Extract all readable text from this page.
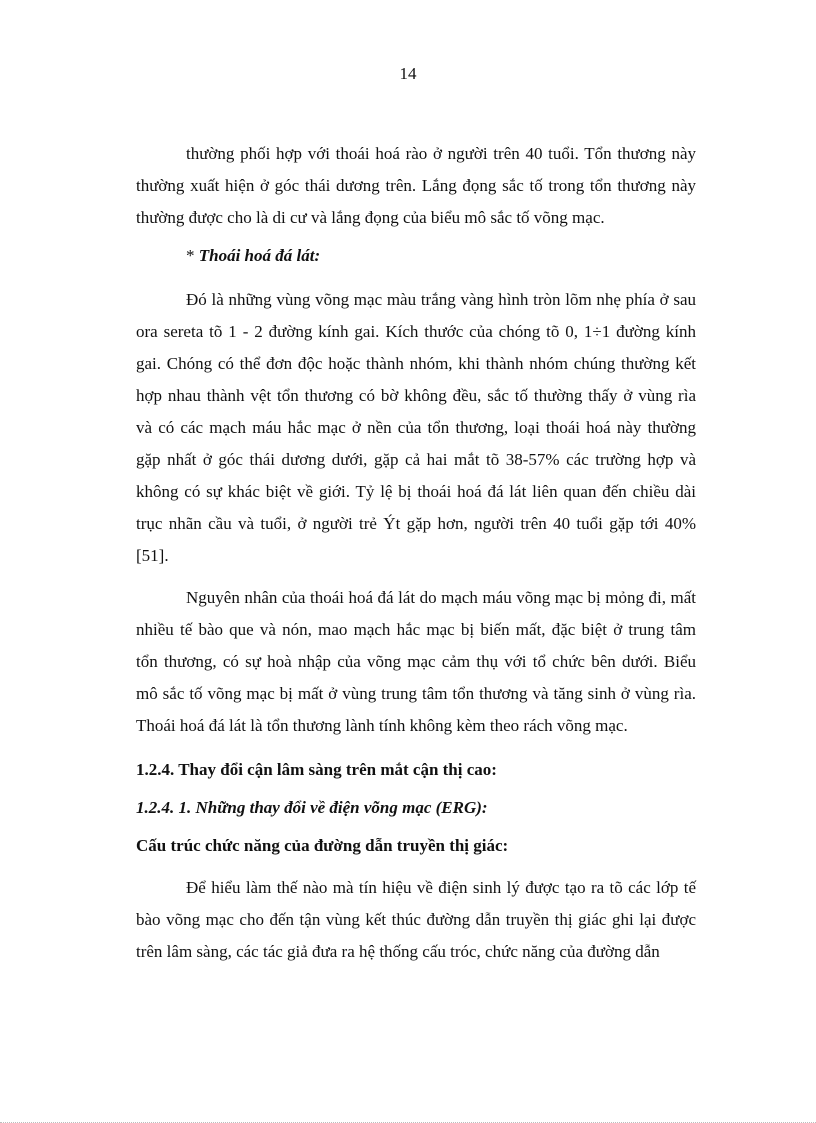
14
thường phối hợp với thoái hoá rào ở người trên 40 tuổi. Tổn thương này
thường xuất hiện ở góc thái dương trên. Lắng đọng sắc tố trong tổn thương này
thường được cho là di cư và lắng đọng của biểu mô sắc tố võng mạc.
* Thoái hoá đá lát:
Đó là những vùng võng mạc màu trắng vàng hình tròn lõm nhẹ phía ở sau
ora sereta tõ 1 - 2 đường kính gai. Kích thước của chóng tõ 0, 1÷1 đường kính
gai. Chóng có thể đơn độc hoặc thành nhóm, khi thành nhóm chúng thường kết
hợp nhau thành vệt tổn thương có bờ không đều, sắc tố thường thấy ở vùng rìa
và có các mạch máu hắc mạc ở nền của tổn thương, loại thoái hoá này thường
gặp nhất ở góc thái dương dưới, gặp cả hai mắt tõ 38-57% các trường hợp và
không có sự khác biệt về giới. Tỷ lệ bị thoái hoá đá lát liên quan đến chiều dài
trục nhãn cầu và tuổi, ở người trẻ Ýt gặp hơn, người trên 40 tuổi gặp tới 40%
[51].
Nguyên nhân của thoái hoá đá lát do mạch máu võng mạc bị mỏng đi, mất
nhiều tế bào que và nón, mao mạch hắc mạc bị biến mất, đặc biệt ở trung tâm
tổn thương, có sự hoà nhập của võng mạc cảm thụ với tổ chức bên dưới. Biểu
mô sắc tố võng mạc bị mất ở vùng trung tâm tổn thương và tăng sinh ở vùng rìa.
Thoái hoá đá lát là tổn thương lành tính không kèm theo rách võng mạc.
1.2.4. Thay đổi cận lâm sàng trên mắt cận thị cao:
1.2.4. 1. Những thay đổi về điện võng mạc (ERG):
Cấu trúc chức năng của đường dẫn truyền thị giác:
Để hiểu làm thế nào mà tín hiệu về điện sinh lý được tạo ra tõ các lớp tế
bào võng mạc cho đến tận vùng kết thúc đường dẫn truyền thị giác ghi lại được
trên lâm sàng, các tác giả đưa ra hệ thống cấu tróc, chức năng của đường dẫn
